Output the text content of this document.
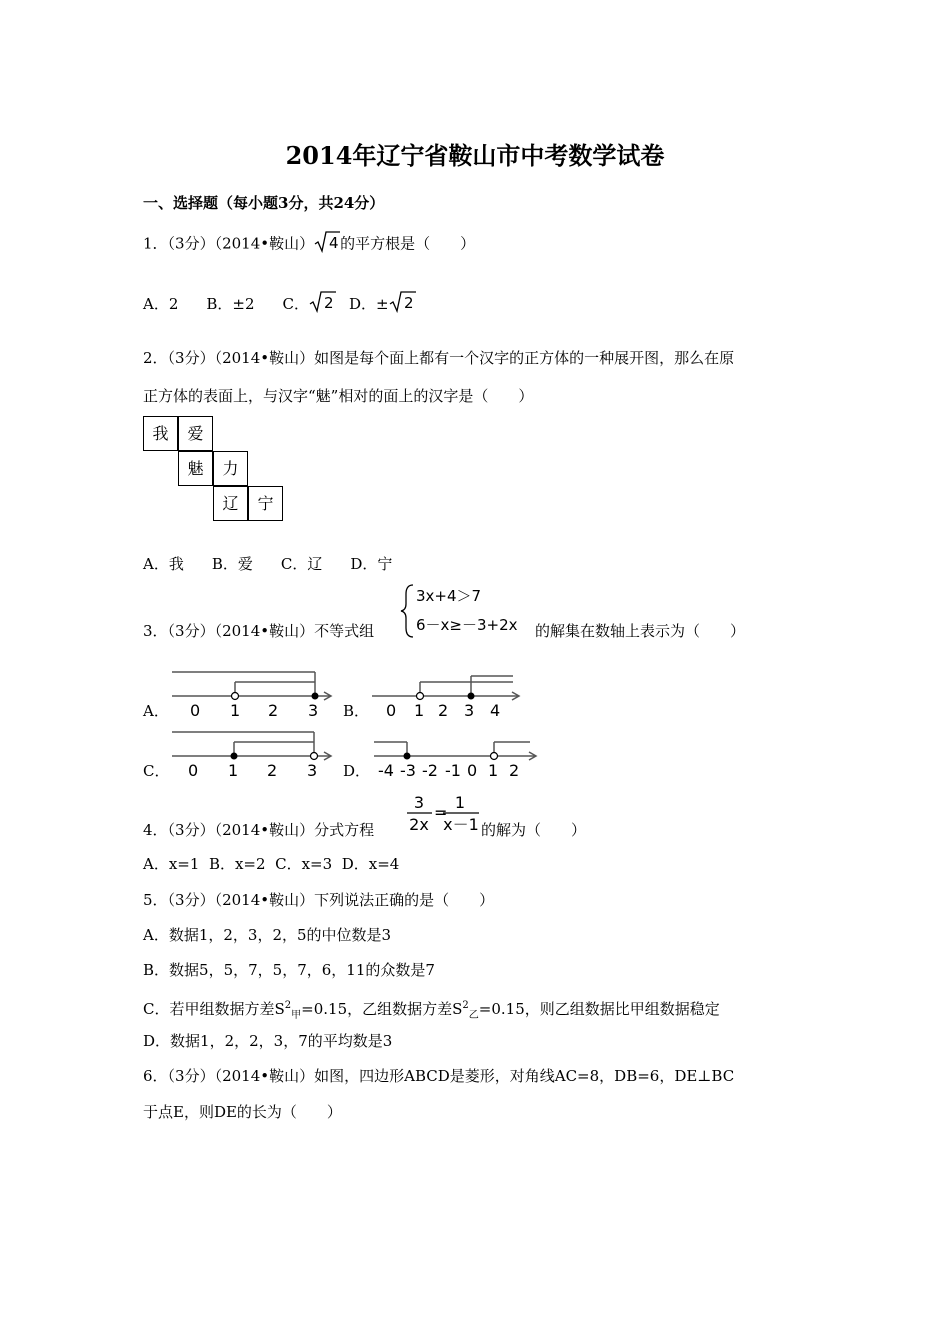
2014年辽宁省鞍山市中考数学试卷
一、选择题（每小题3分，共24分）
1．（3分）（2014•鞍山） 4 的平方根是（　　）
A．2 B．±2 C． 2 D．± 2
2．（3分）（2014•鞍山）如图是每个面上都有一个汉字的正方体的一种展开图，那么在原
正方体的表面上，与汉字“魅”相对的面上的汉字是（　　）
我	爱
魅	力
辽	宁
A．我 B．爱 C．辽 D．宁
3．（3分）（2014•鞍山）不等式组
3x+4＞7
6－x≥－3+2x 的解集在数轴上表示为（　　）
A． 0 1 2 3 B． 0 1 2 3 4
C． 0 1 2 3 D． -4 -3 -2 -1 0 1 2
4．（3分）（2014•鞍山）分式方程
3
2x
=
1
x－1 的解为（　　）
A．x=1 B．x=2 C．x=3 D．x=4
5．（3分）（2014•鞍山）下列说法正确的是（　　）
A．数据1，2，3，2，5的中位数是3
B．数据5，5，7，5，7，6，11的众数是7
C．若甲组数据方差$S^2_甲=0.15$，乙组数据方差$S^2_乙=0.15$，则乙组数据比甲组数据稳定
D．数据1，2，2，3，7的平均数是3
6．（3分）（2014•鞍山）如图，四边形ABCD是菱形，对角线AC=8，DB=6，DE⊥BC
于点E，则DE的长为（　　）
